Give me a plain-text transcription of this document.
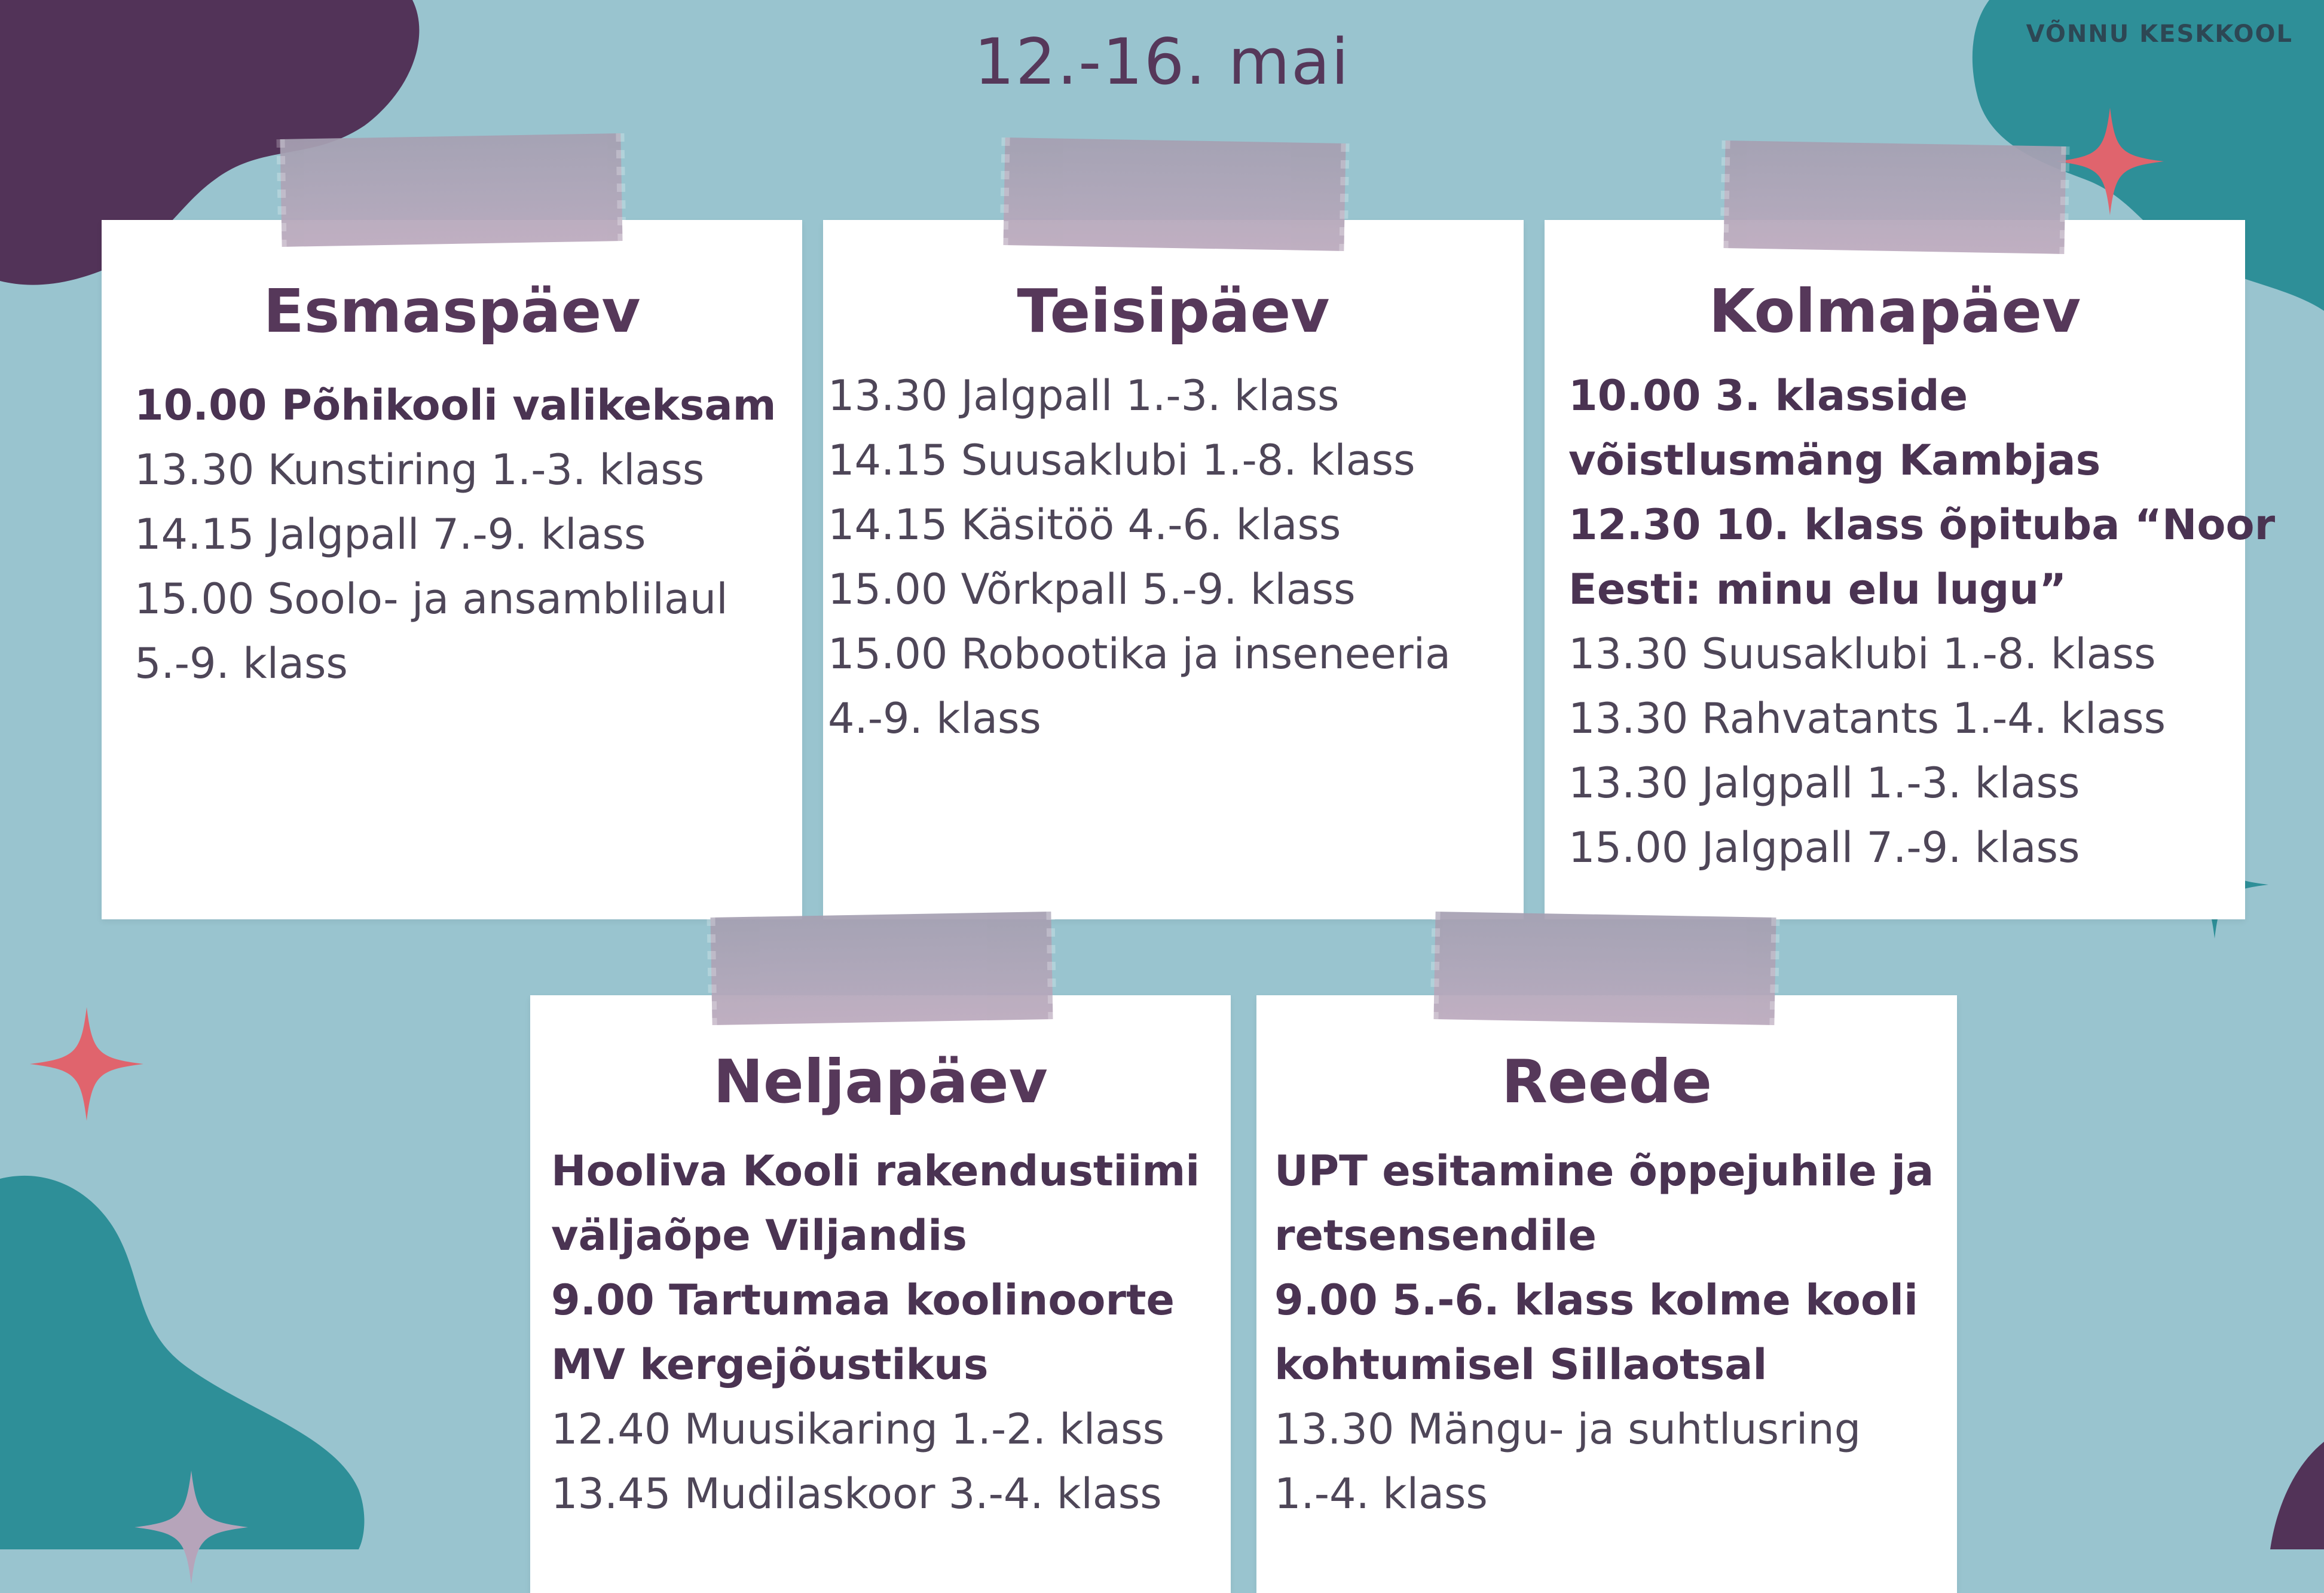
12.-16. mai	VÕNNU KESKKOOL
Esmaspäev
10.00 Põhikooli valikeksam
13.30 Kunstiring 1.-3. klass
14.15 Jalgpall 7.-9. klass
15.00 Soolo- ja ansamblilaul
5.-9. klass
Teisipäev
13.30 Jalgpall 1.-3. klass
14.15 Suusaklubi 1.-8. klass
14.15 Käsitöö 4.-6. klass
15.00 Võrkpall 5.-9. klass
15.00 Robootika ja inseneeria
4.-9. klass
Kolmapäev
10.00 3. klasside
võistlusmäng Kambjas
12.30 10. klass õpituba “Noor
Eesti: minu elu lugu”
13.30 Suusaklubi 1.-8. klass
13.30 Rahvatants 1.-4. klass
13.30 Jalgpall 1.-3. klass
15.00 Jalgpall 7.-9. klass
Neljapäev
Hooliva Kooli rakendustiimi
väljaõpe Viljandis
9.00 Tartumaa koolinoorte
MV kergejõustikus
12.40 Muusikaring 1.-2. klass
13.45 Mudilaskoor 3.-4. klass
Reede
UPT esitamine õppejuhile ja
retsensendile
9.00 5.-6. klass kolme kooli
kohtumisel Sillaotsal
13.30 Mängu- ja suhtlusring
1.-4. klass
